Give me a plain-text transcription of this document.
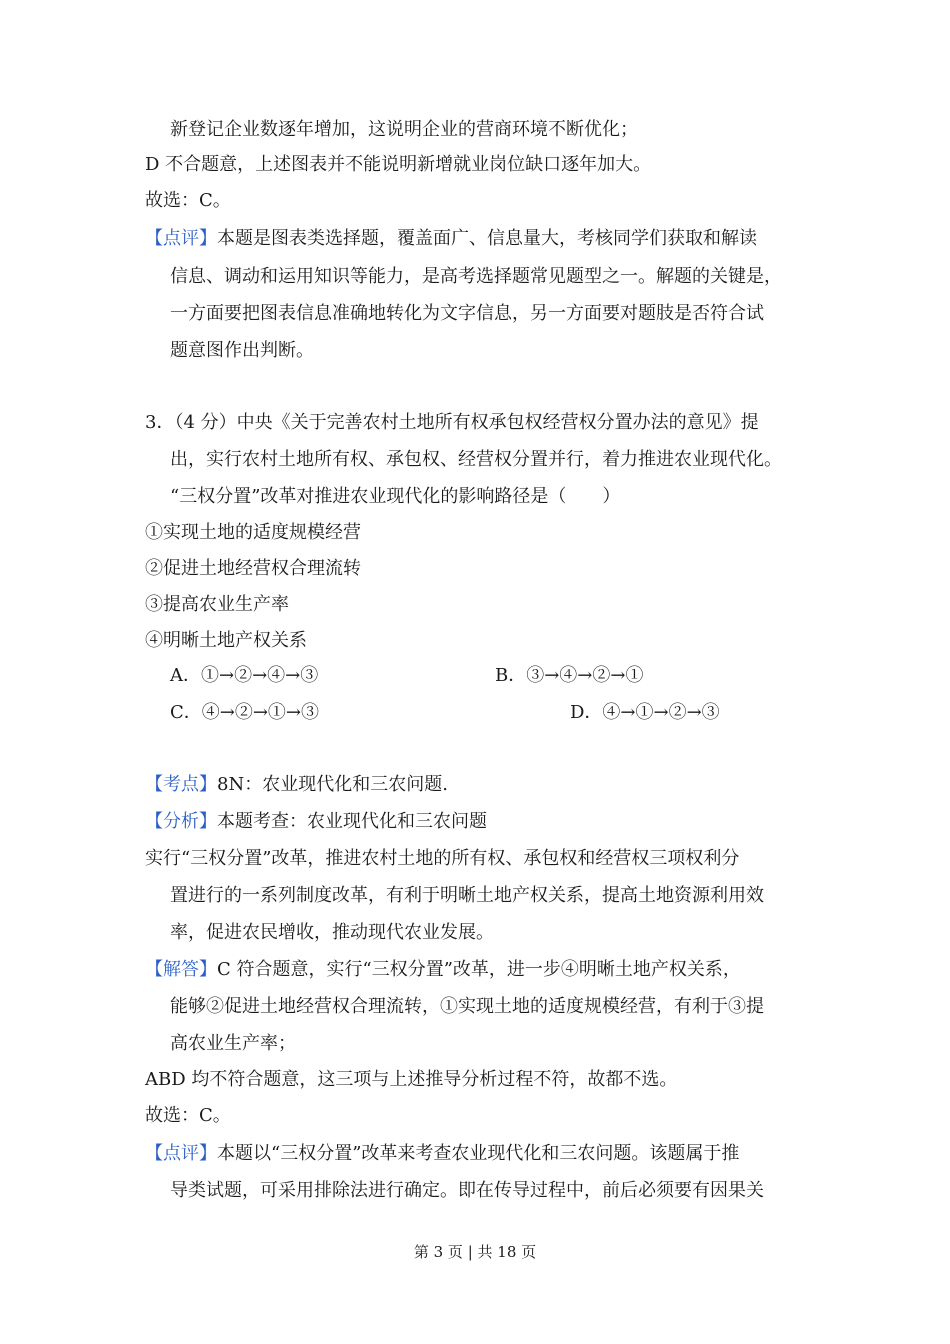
新登记企业数逐年增加，这说明企业的营商环境不断优化；
D 不合题意，上述图表并不能说明新增就业岗位缺口逐年加大。
故选：C。
【点评】本题是图表类选择题，覆盖面广、信息量大，考核同学们获取和解读
信息、调动和运用知识等能力，是高考选择题常见题型之一。解题的关键是，
一方面要把图表信息准确地转化为文字信息，另一方面要对题肢是否符合试
题意图作出判断。
3．（4 分）中央《关于完善农村土地所有权承包权经营权分置办法的意见》提
出，实行农村土地所有权、承包权、经营权分置并行，着力推进农业现代化。
“三权分置”改革对推进农业现代化的影响路径是（　　）
①实现土地的适度规模经营
②促进土地经营权合理流转
③提高农业生产率
④明晰土地产权关系
A．①→②→④→③	B．③→④→②→①
C．④→②→①→③	D．④→①→②→③
【考点】8N：农业现代化和三农问题.
【分析】本题考查：农业现代化和三农问题
实行“三权分置”改革，推进农村土地的所有权、承包权和经营权三项权利分
置进行的一系列制度改革，有利于明晰土地产权关系，提高土地资源利用效
率，促进农民增收，推动现代农业发展。
【解答】C 符合题意，实行“三权分置”改革，进一步④明晰土地产权关系，
能够②促进土地经营权合理流转，①实现土地的适度规模经营，有利于③提
高农业生产率；
ABD 均不符合题意，这三项与上述推导分析过程不符，故都不选。
故选：C。
【点评】本题以“三权分置”改革来考查农业现代化和三农问题。该题属于推
导类试题，可采用排除法进行确定。即在传导过程中，前后必须要有因果关
第 3 页 | 共 18 页
